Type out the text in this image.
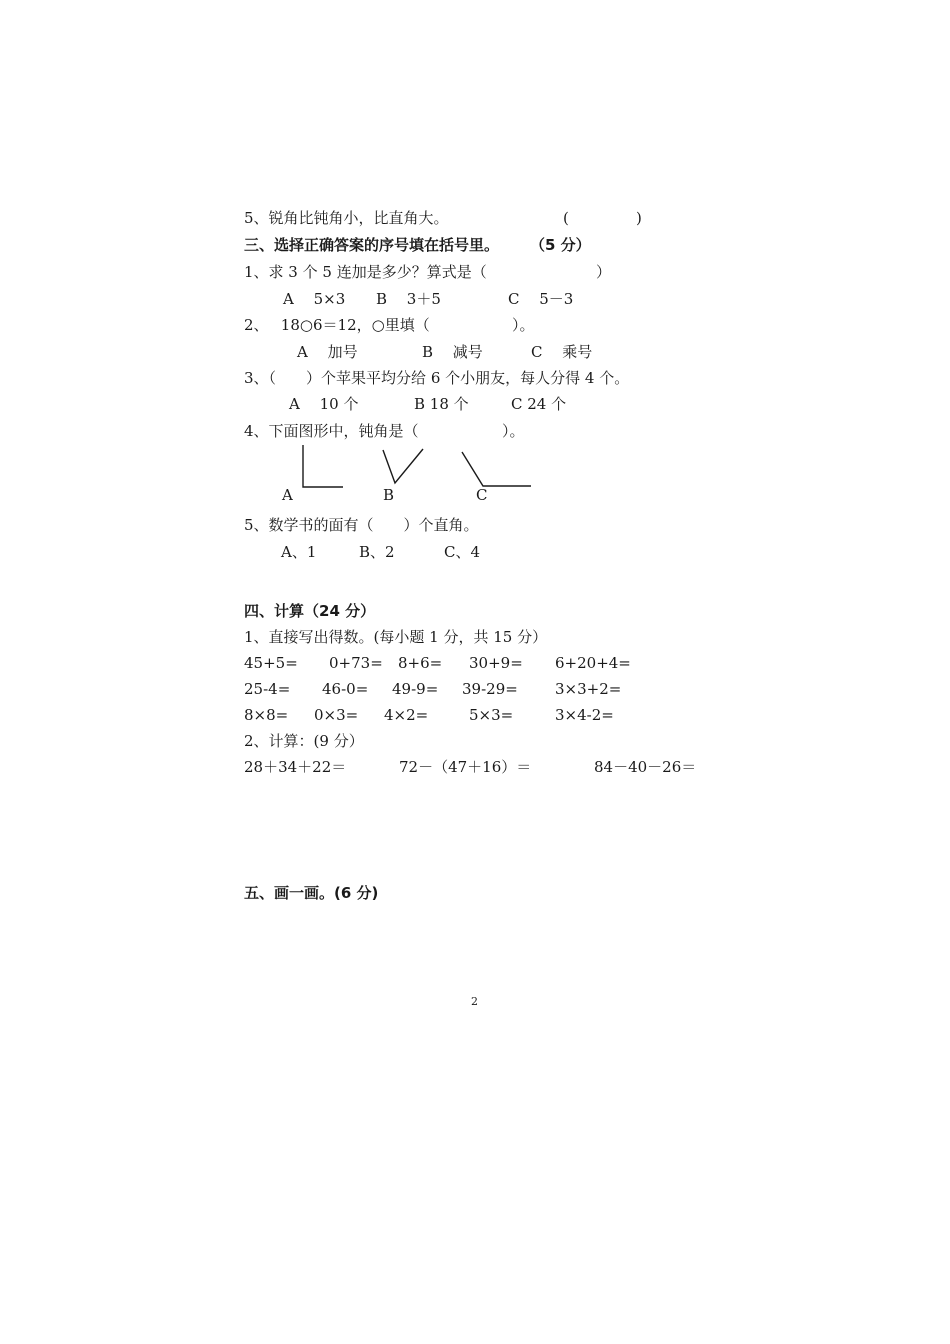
5、锐角比钝角小，比直角大。	(	)
三、选择正确答案的序号填在括号里。 （5 分）
1、求 3 个 5 连加是多少？算式是（	）
A　 5×3 B　 3＋5	C　 5－3
2、　 18○6＝12，○里填（	）。
A　 加号	B　 减号	C　 乘号
3、（　　）个苹果平均分给 6 个小朋友，每人分得 4 个。
A　 10 个	B 18 个	C 24 个
4、下面图形中，钝角是（	）。
A	B	C
5、数学书的面有（　　）个直角。
A、1	B、2	C、4
四、计算（24 分）
1、直接写出得数。(每小题 1 分，共 15 分）
45+5= 0+73= 8+6= 30+9= 6+20+4=
25-4= 46-0= 49-9= 39-29= 3×3+2=
8×8= 0×3= 4×2=	5×3=	3×4-2=
2、计算：(9 分）
28＋34＋22＝	72－（47＋16）＝	84－40－26＝
五、画一画。(6 分)
2
